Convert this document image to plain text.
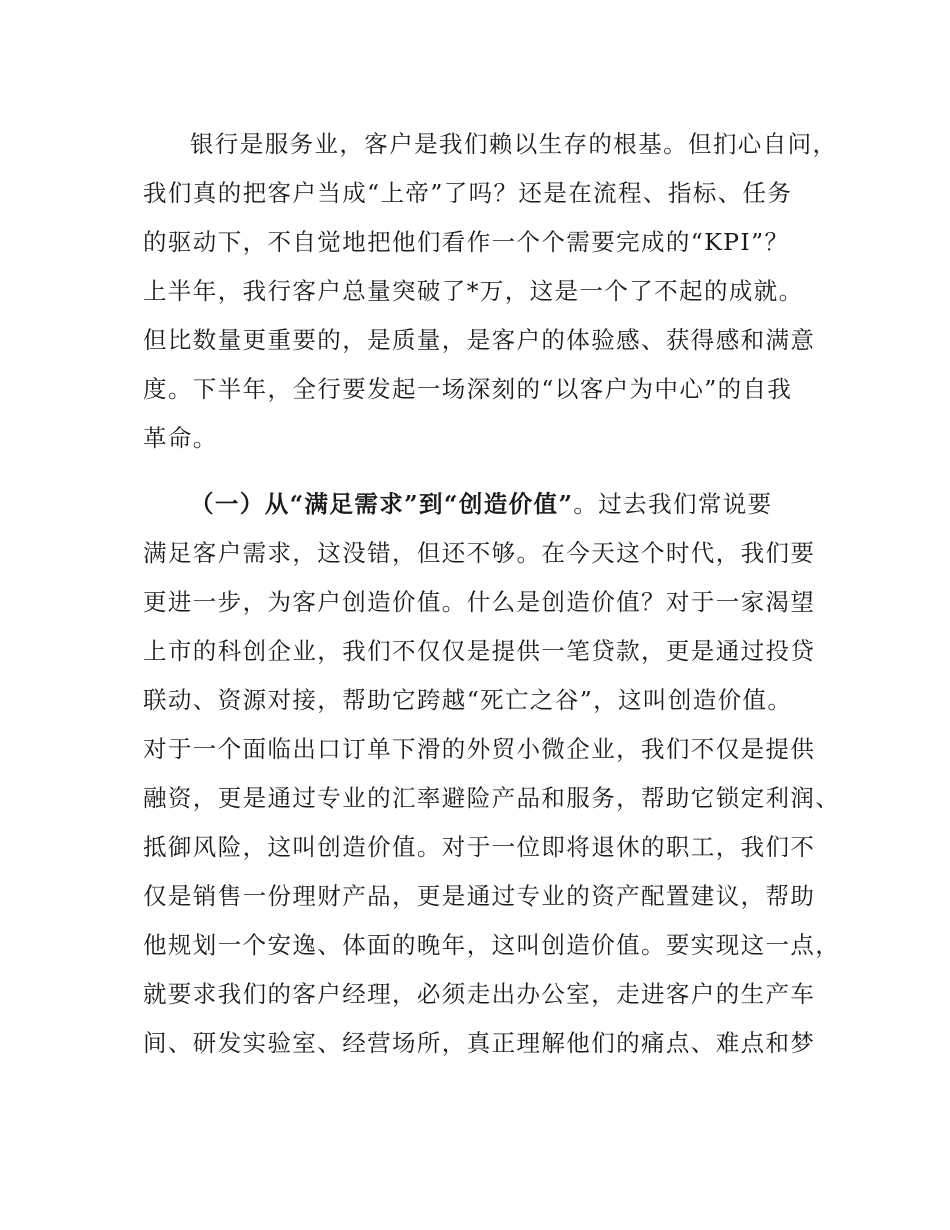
银行是服务业，客户是我们赖以生存的根基。但扪心自问，

我们真的把客户当成“上帝”了吗？还是在流程、指标、任务

的驱动下，不自觉地把他们看作一个个需要完成的“KPI”？

上半年，我行客户总量突破了*万，这是一个了不起的成就。

但比数量更重要的，是质量，是客户的体验感、获得感和满意

度。下半年，全行要发起一场深刻的“以客户为中心”的自我

革命。

（一）从“满足需求”到“创造价值”。过去我们常说要

满足客户需求，这没错，但还不够。在今天这个时代，我们要

更进一步，为客户创造价值。什么是创造价值？对于一家渴望

上市的科创企业，我们不仅仅是提供一笔贷款，更是通过投贷

联动、资源对接，帮助它跨越“死亡之谷”，这叫创造价值。

对于一个面临出口订单下滑的外贸小微企业，我们不仅是提供

融资，更是通过专业的汇率避险产品和服务，帮助它锁定利润、

抵御风险，这叫创造价值。对于一位即将退休的职工，我们不

仅是销售一份理财产品，更是通过专业的资产配置建议，帮助

他规划一个安逸、体面的晚年，这叫创造价值。要实现这一点，

就要求我们的客户经理，必须走出办公室，走进客户的生产车

间、研发实验室、经营场所，真正理解他们的痛点、难点和梦
